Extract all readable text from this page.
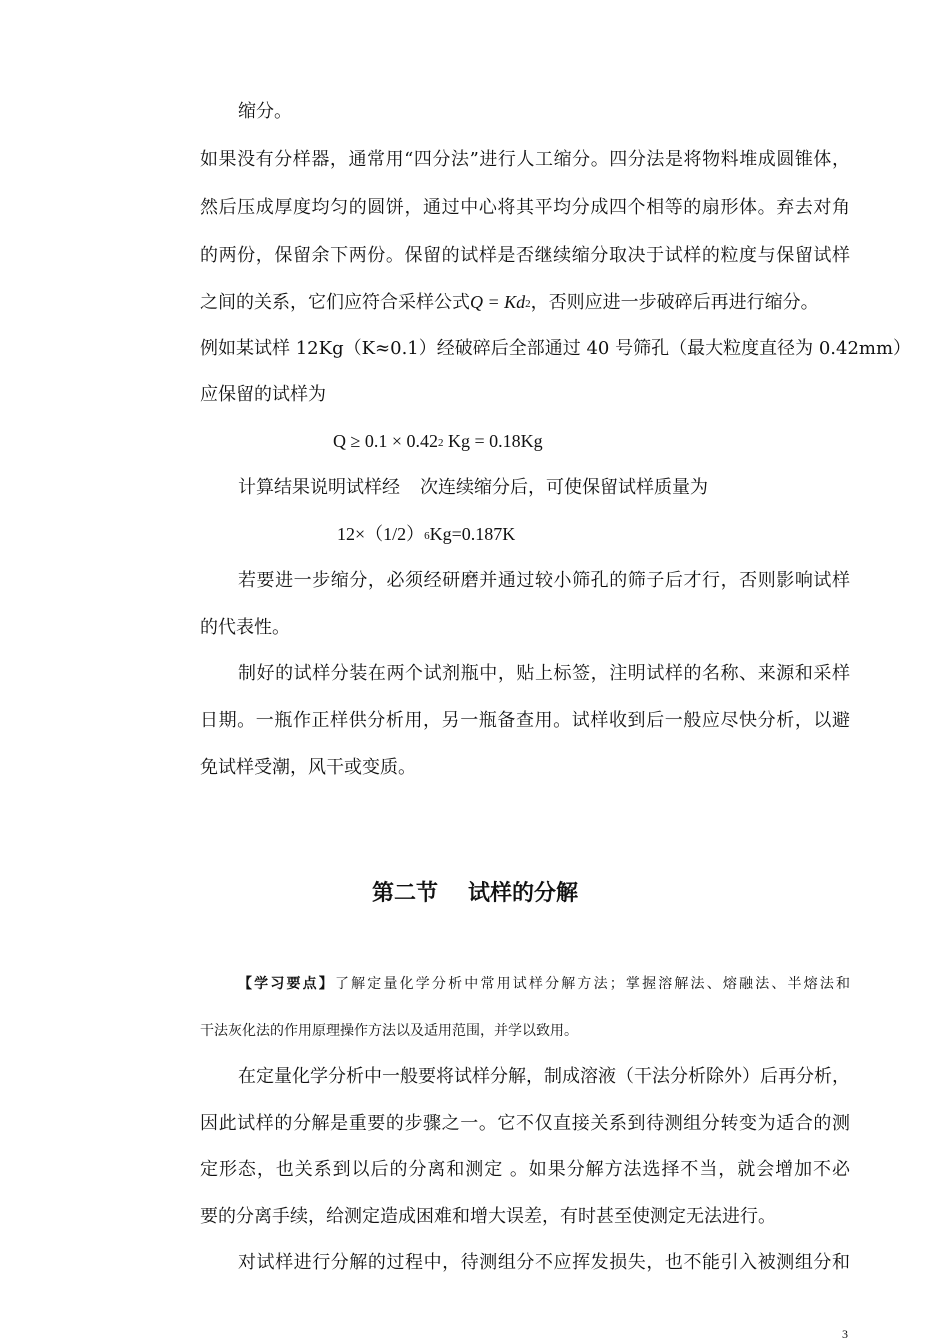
缩分。
如果没有分样器，通常用“四分法”进行人工缩分。四分法是将物料堆成圆锥体，
然后压成厚度均匀的圆饼，通过中心将其平均分成四个相等的扇形体。弃去对角
的两份，保留余下两份。保留的试样是否继续缩分取决于试样的粒度与保留试样
之间的关系，它们应符合采样公式Q = Kd2，否则应进一步破碎后再进行缩分。
例如某试样 12Kg（K≈0.1）经破碎后全部通过 40 号筛孔（最大粒度直径为 0.42mm）
应保留的试样为
Q ≥ 0.1 × 0.422 Kg = 0.18Kg
计算结果说明试样经 次连续缩分后，可使保留试样质量为
12×（1/2）6Kg=0.187K
若要进一步缩分，必须经研磨并通过较小筛孔的筛子后才行，否则影响试样
的代表性。
制好的试样分装在两个试剂瓶中，贴上标签，注明试样的名称、来源和采样
日期。一瓶作正样供分析用，另一瓶备查用。试样收到后一般应尽快分析，以避
免试样受潮，风干或变质。
第二节 试样的分解
【学习要点】了解定量化学分析中常用试样分解方法；掌握溶解法、熔融法、半熔法和
干法灰化法的作用原理操作方法以及适用范围，并学以致用。
在定量化学分析中一般要将试样分解，制成溶液（干法分析除外）后再分析，
因此试样的分解是重要的步骤之一。它不仅直接关系到待测组分转变为适合的测
定形态，也关系到以后的分离和测定 。如果分解方法选择不当，就会增加不必
要的分离手续，给测定造成困难和增大误差，有时甚至使测定无法进行。
对试样进行分解的过程中，待测组分不应挥发损失，也不能引入被测组分和
3
